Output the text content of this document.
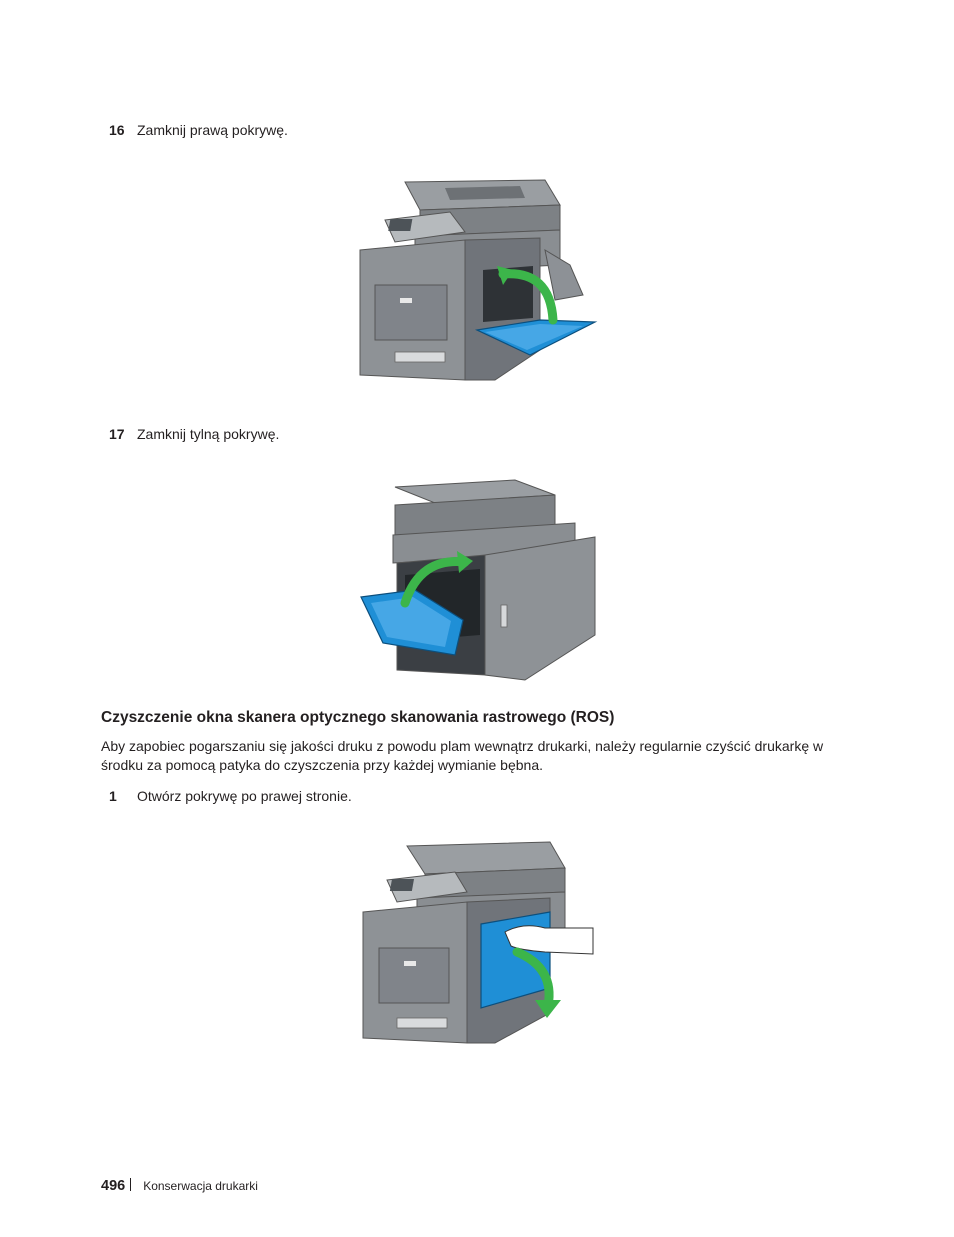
16 Zamknij prawą pokrywę.
17 Zamknij tylną pokrywę.
Czyszczenie okna skanera optycznego skanowania rastrowego (ROS)
Aby zapobiec pogarszaniu się jakości druku z powodu plam wewnątrz drukarki, należy regularnie czyścić drukarkę w środku za pomocą patyka do czyszczenia przy każdej wymianie bębna.
1 Otwórz pokrywę po prawej stronie.
496 Konserwacja drukarki
